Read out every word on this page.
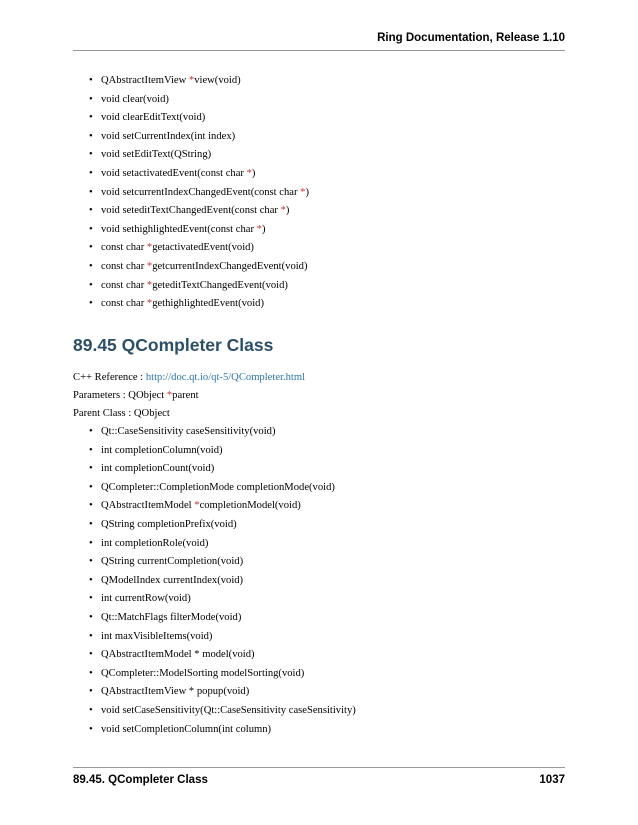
Ring Documentation, Release 1.10
• QAbstractItemView *view(void)
• void clear(void)
• void clearEditText(void)
• void setCurrentIndex(int index)
• void setEditText(QString)
• void setactivatedEvent(const char *)
• void setcurrentIndexChangedEvent(const char *)
• void seteditTextChangedEvent(const char *)
• void sethighlightedEvent(const char *)
• const char *getactivatedEvent(void)
• const char *getcurrentIndexChangedEvent(void)
• const char *geteditTextChangedEvent(void)
• const char *gethighlightedEvent(void)
89.45 QCompleter Class
C++ Reference : http://doc.qt.io/qt-5/QCompleter.html
Parameters : QObject *parent
Parent Class : QObject
• Qt::CaseSensitivity caseSensitivity(void)
• int completionColumn(void)
• int completionCount(void)
• QCompleter::CompletionMode completionMode(void)
• QAbstractItemModel *completionModel(void)
• QString completionPrefix(void)
• int completionRole(void)
• QString currentCompletion(void)
• QModelIndex currentIndex(void)
• int currentRow(void)
• Qt::MatchFlags filterMode(void)
• int maxVisibleItems(void)
• QAbstractItemModel * model(void)
• QCompleter::ModelSorting modelSorting(void)
• QAbstractItemView * popup(void)
• void setCaseSensitivity(Qt::CaseSensitivity caseSensitivity)
• void setCompletionColumn(int column)
89.45. QCompleter Class	1037
